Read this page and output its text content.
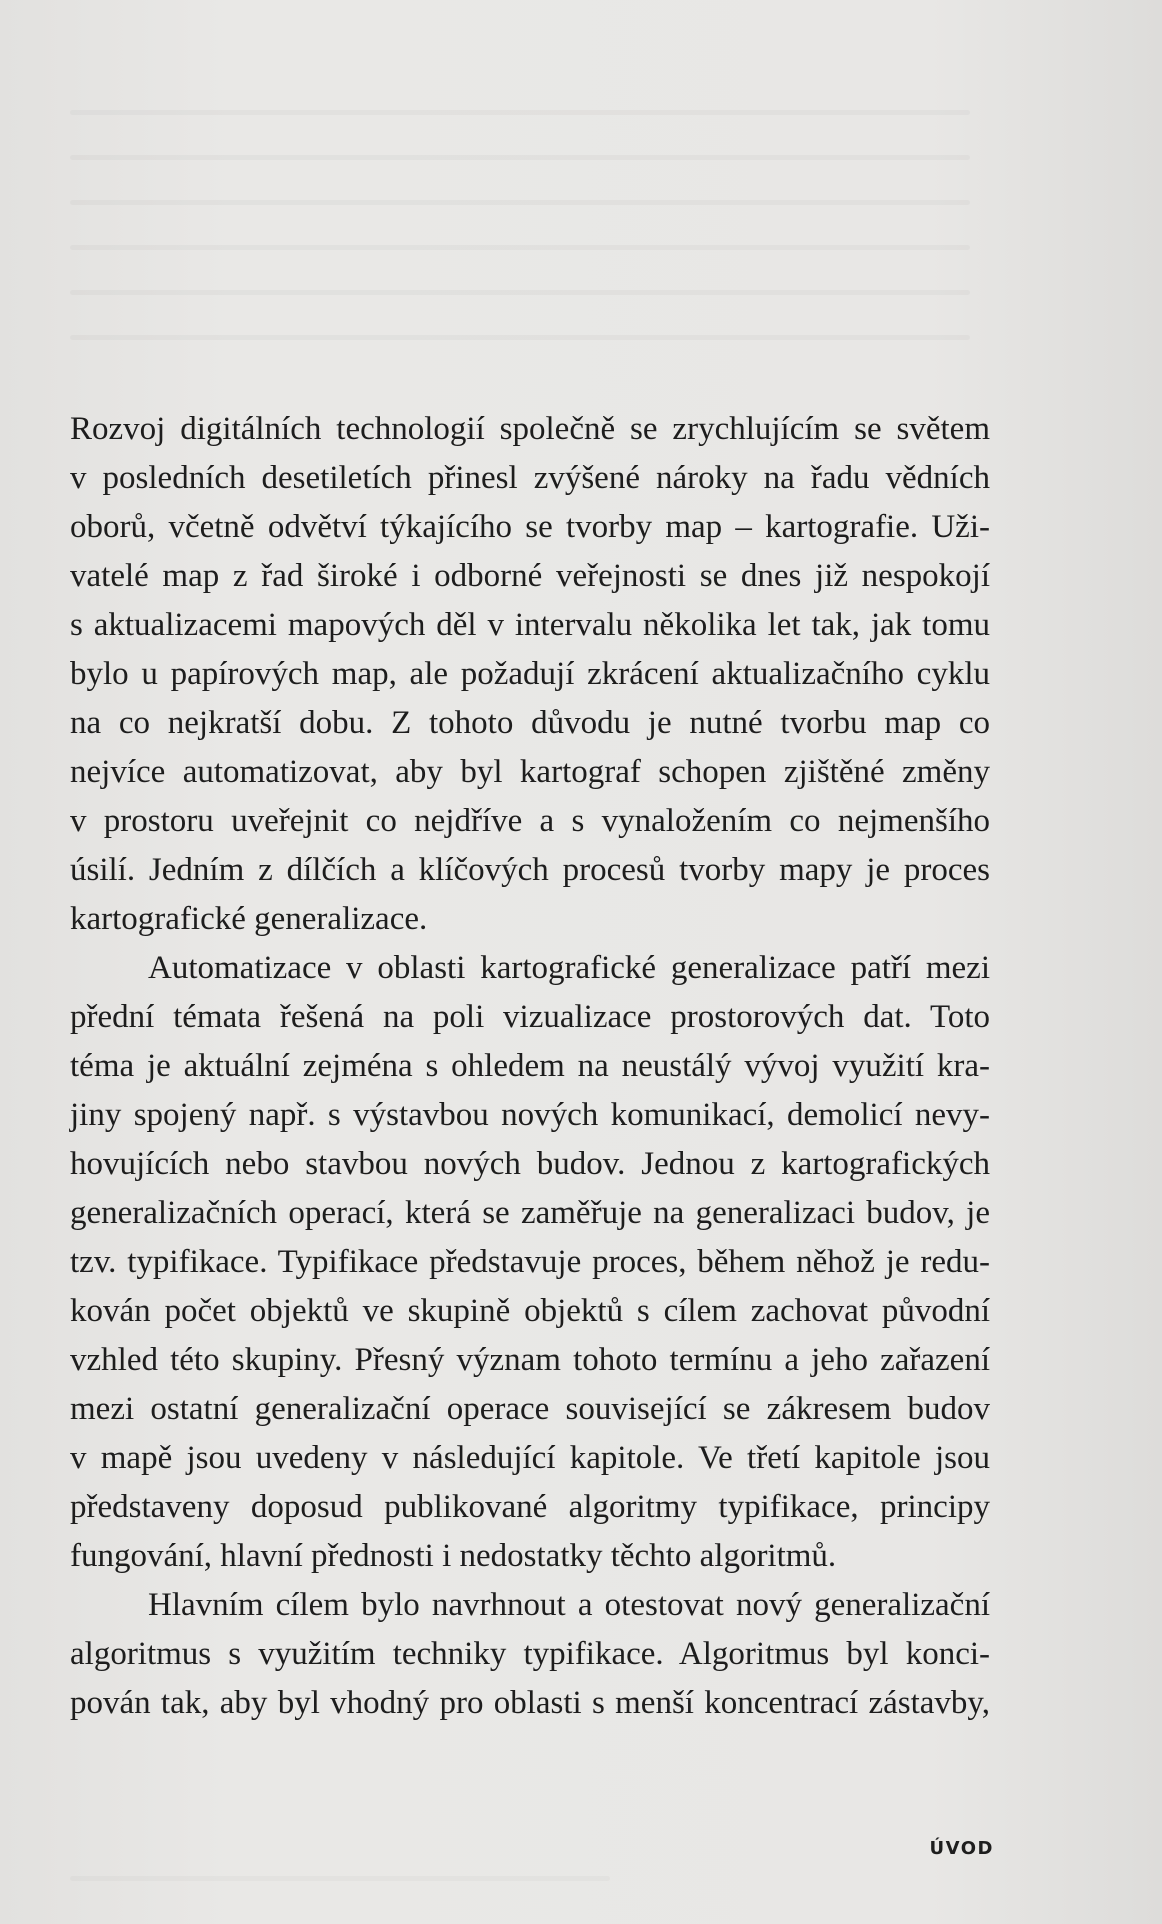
Rozvoj digitálních technologií společně se zrychlujícím se světem
v posledních desetiletích přinesl zvýšené nároky na řadu vědních
oborů, včetně odvětví týkajícího se tvorby map – kartografie. Uži-
vatelé map z řad široké i odborné veřejnosti se dnes již nespokojí
s aktualizacemi mapových děl v intervalu několika let tak, jak tomu
bylo u papírových map, ale požadují zkrácení aktualizačního cyklu
na co nejkratší dobu. Z tohoto důvodu je nutné tvorbu map co
nejvíce automatizovat, aby byl kartograf schopen zjištěné změny
v prostoru uveřejnit co nejdříve a s vynaložením co nejmenšího
úsilí. Jedním z dílčích a klíčových procesů tvorby mapy je proces
kartografické generalizace.

Automatizace v oblasti kartografické generalizace patří mezi
přední témata řešená na poli vizualizace prostorových dat. Toto
téma je aktuální zejména s ohledem na neustálý vývoj využití kra-
jiny spojený např. s výstavbou nových komunikací, demolicí nevy-
hovujících nebo stavbou nových budov. Jednou z kartografických
generalizačních operací, která se zaměřuje na generalizaci budov, je
tzv. typifikace. Typifikace představuje proces, během něhož je redu-
kován počet objektů ve skupině objektů s cílem zachovat původní
vzhled této skupiny. Přesný význam tohoto termínu a jeho zařazení
mezi ostatní generalizační operace související se zákresem budov
v mapě jsou uvedeny v následující kapitole. Ve třetí kapitole jsou
představeny doposud publikované algoritmy typifikace, principy
fungování, hlavní přednosti i nedostatky těchto algoritmů.

Hlavním cílem bylo navrhnout a otestovat nový generalizační
algoritmus s využitím techniky typifikace. Algoritmus byl konci-
pován tak, aby byl vhodný pro oblasti s menší koncentrací zástavby,

ÚVOD
